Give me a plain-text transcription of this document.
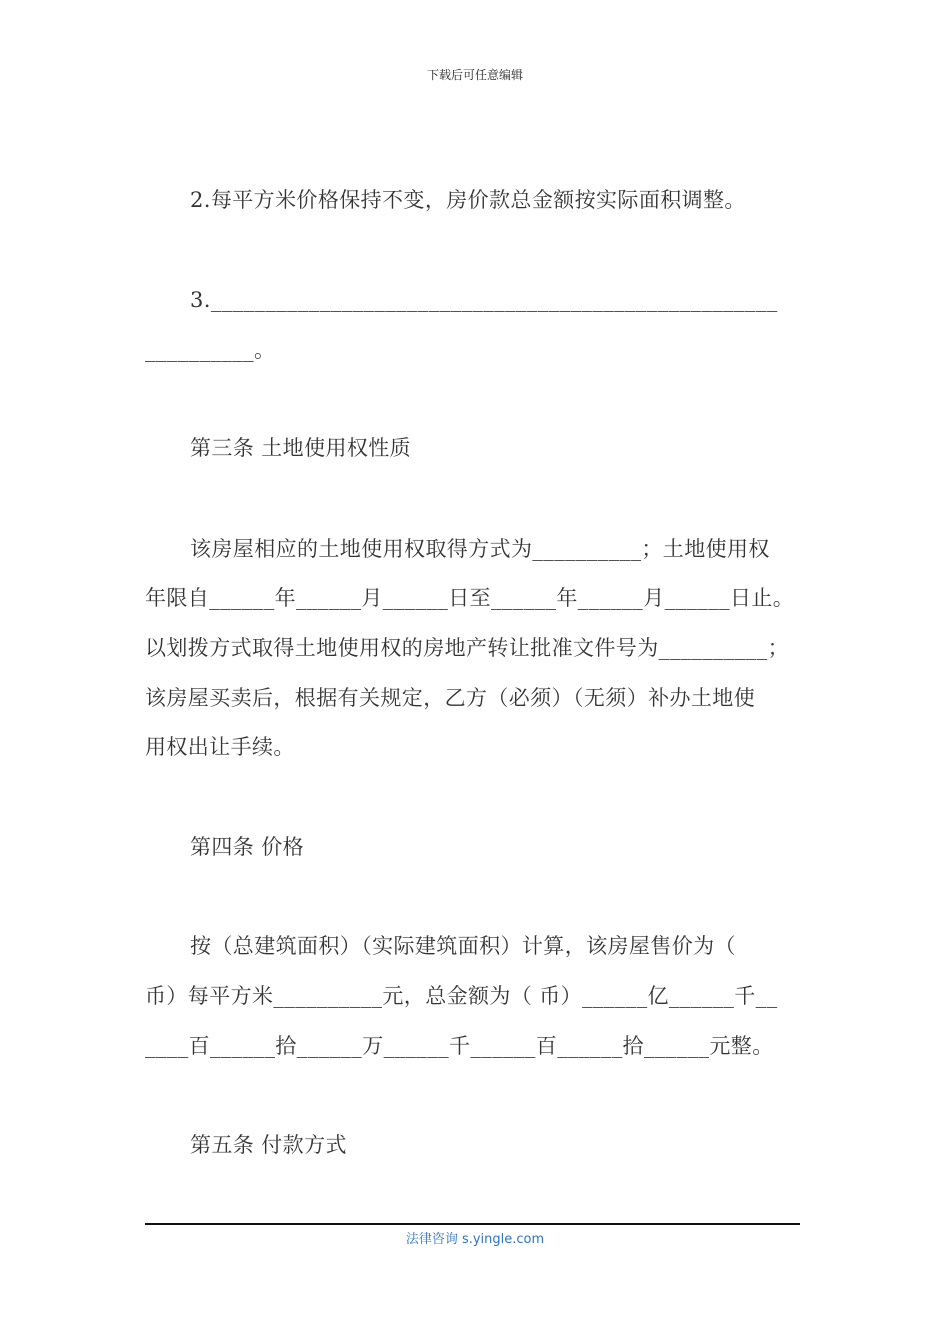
下载后可任意编辑
2.每平方米价格保持不变，房价款总金额按实际面积调整。
3.____________________________________________________
__________。
第三条 土地使用权性质
该房屋相应的土地使用权取得方式为__________；土地使用权
年限自______年______月______日至______年______月______日止。
以划拨方式取得土地使用权的房地产转让批准文件号为__________；
该房屋买卖后，根据有关规定，乙方（必须）（无须）补办土地使
用权出让手续。
第四条 价格
按（总建筑面积）（实际建筑面积）计算，该房屋售价为（
币）每平方米__________元，总金额为（ 币）______亿______千__
____百______拾______万______千______百______拾______元整。
第五条 付款方式
法律咨询 s.yingle.com
